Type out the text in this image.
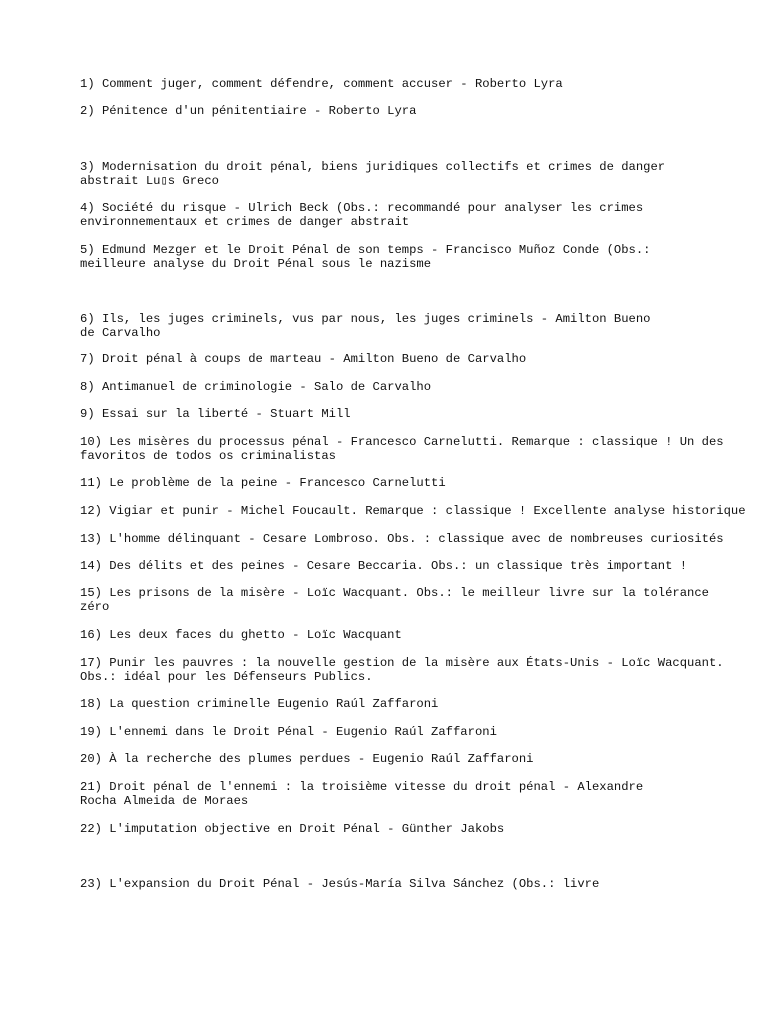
1) Comment juger, comment défendre, comment accuser - Roberto Lyra
2) Pénitence d'un pénitentiaire - Roberto Lyra
3) Modernisation du droit pénal, biens juridiques collectifs et crimes de danger
abstrait Lu▯s Greco
4) Société du risque - Ulrich Beck (Obs.: recommandé pour analyser les crimes
environnementaux et crimes de danger abstrait
5) Edmund Mezger et le Droit Pénal de son temps - Francisco Muñoz Conde (Obs.:
meilleure analyse du Droit Pénal sous le nazisme
6) Ils, les juges criminels, vus par nous, les juges criminels - Amilton Bueno
de Carvalho
7) Droit pénal à coups de marteau - Amilton Bueno de Carvalho
8) Antimanuel de criminologie - Salo de Carvalho
9) Essai sur la liberté - Stuart Mill
10) Les misères du processus pénal - Francesco Carnelutti. Remarque : classique ! Un des
favoritos de todos os criminalistas
11) Le problème de la peine - Francesco Carnelutti
12) Vigiar et punir - Michel Foucault. Remarque : classique ! Excellente analyse historique
13) L'homme délinquant - Cesare Lombroso. Obs. : classique avec de nombreuses curiosités
14) Des délits et des peines - Cesare Beccaria. Obs.: un classique très important !
15) Les prisons de la misère - Loïc Wacquant. Obs.: le meilleur livre sur la tolérance
zéro
16) Les deux faces du ghetto - Loïc Wacquant
17) Punir les pauvres : la nouvelle gestion de la misère aux États-Unis - Loïc Wacquant.
Obs.: idéal pour les Défenseurs Publics.
18) La question criminelle Eugenio Raúl Zaffaroni
19) L'ennemi dans le Droit Pénal - Eugenio Raúl Zaffaroni
20) À la recherche des plumes perdues - Eugenio Raúl Zaffaroni
21) Droit pénal de l'ennemi : la troisième vitesse du droit pénal - Alexandre
Rocha Almeida de Moraes
22) L'imputation objective en Droit Pénal - Günther Jakobs
23) L'expansion du Droit Pénal - Jesús-María Silva Sánchez (Obs.: livre
